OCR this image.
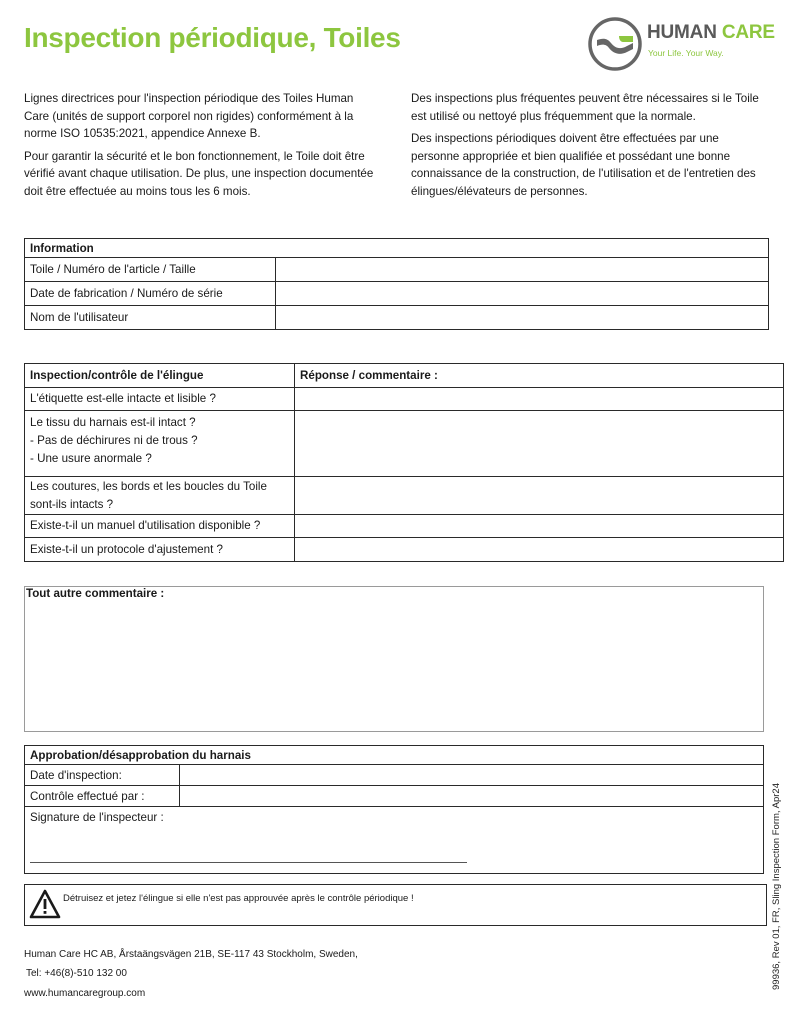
Inspection périodique, Toiles	HUMAN CARE
Your Life. Your Way.

Lignes directrices pour l'inspection périodique des Toiles Human Care (unités de support corporel non rigides) conformément à la norme ISO 10535:2021, appendice Annexe B.

Pour garantir la sécurité et le bon fonctionnement, le Toile doit être vérifié avant chaque utilisation. De plus, une inspection documentée doit être effectuée au moins tous les 6 mois.

Des inspections plus fréquentes peuvent être nécessaires si le Toile est utilisé ou nettoyé plus fréquemment que la normale.

Des inspections périodiques doivent être effectuées par une personne appropriée et bien qualifiée et possédant une bonne connaissance de la construction, de l'utilisation et de l'entretien des élingues/élévateurs de personnes.

Information	
Toile / Numéro de l'article / Taille	
Date de fabrication / Numéro de série	
Nom de l'utilisateur	
Inspection/contrôle de l'élingue	Réponse / commentaire :
L'étiquette est-elle intacte et lisible ?	

Le tissu du harnais est-il intact ?
- Pas de déchirures ni de trous ?
- Une usure anormale ?	

Les coutures, les bords et les boucles du Toile
sont-ils intacts ?	

Existe-t-il un manuel d'utilisation disponible ?	
Existe-t-il un protocole d'ajustement ?	
Tout autre commentaire :
Approbation/désapprobation du harnais	
Date d'inspection:	
Contrôle effectué par :	
Signature de l'inspecteur :	
Détruisez et jetez l'élingue si elle n'est pas approuvée après le contrôle périodique !
Human Care HC AB, Årstaängsvägen 21B, SE-117 43 Stockholm, Sweden,
Tel: +46(8)-510 132 00
www.humancaregroup.com
99936, Rev 01, FR, Sling Inspection Form, Apr24
